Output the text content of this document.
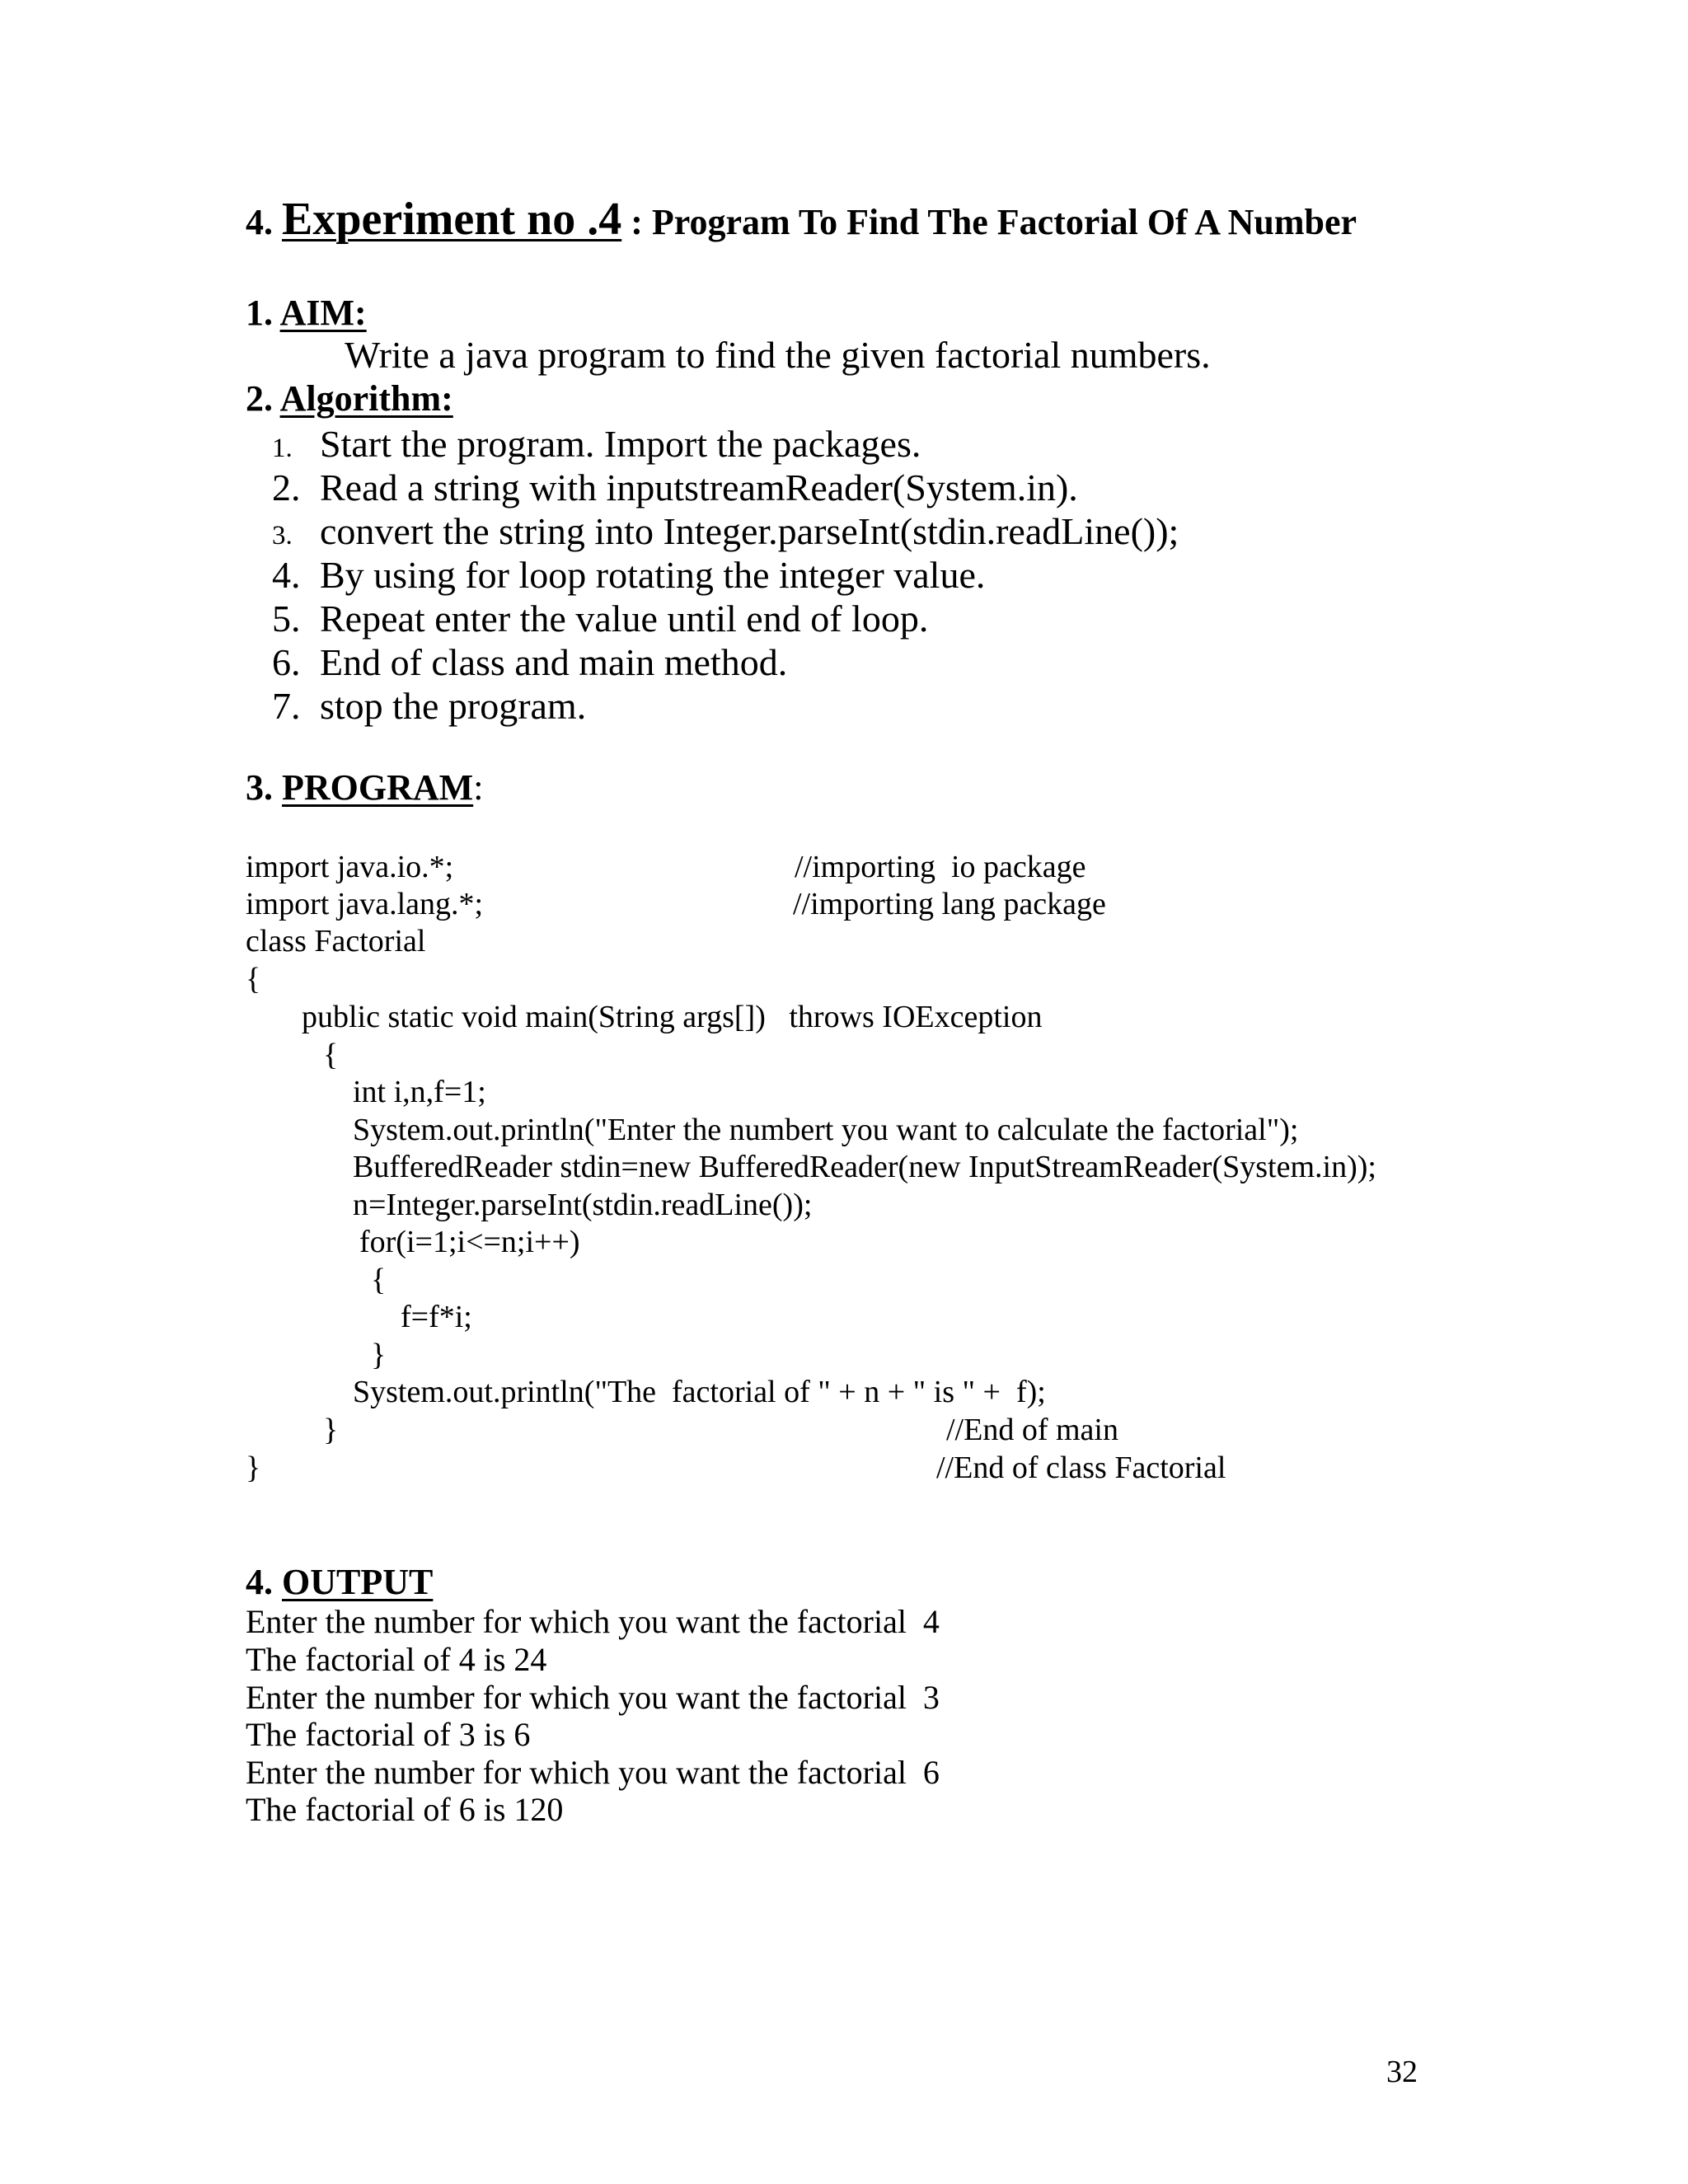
4. Experiment no .4 : Program To Find The Factorial Of A Number
1. AIM:
Write a java program to find the given factorial numbers.
2. Algorithm:
1. Start the program. Import the packages.
2. Read a string with inputstreamReader(System.in).
3. convert the string into Integer.parseInt(stdin.readLine());
4. By using for loop rotating the integer value.
5. Repeat enter the value until end of loop.
6. End of class and main method.
7. stop the program.
3. PROGRAM:
import java.io.*;
import java.lang.*;
class Factorial
{
public static void main(String args[])   throws IOException
{
int i,n,f=1;
System.out.println("Enter the numbert you want to calculate the factorial");
BufferedReader stdin=new BufferedReader(new InputStreamReader(System.in));
n=Integer.parseInt(stdin.readLine());
for(i=1;i<=n;i++)
{
f=f*i;
}
System.out.println("The  factorial of " + n + " is " +  f);
}
}
//importing  io package
//importing lang package
//End of main
//End of class Factorial
4. OUTPUT
Enter the number for which you want the factorial  4
The factorial of 4 is 24
Enter the number for which you want the factorial  3
The factorial of 3 is 6
Enter the number for which you want the factorial  6
The factorial of 6 is 120
32
